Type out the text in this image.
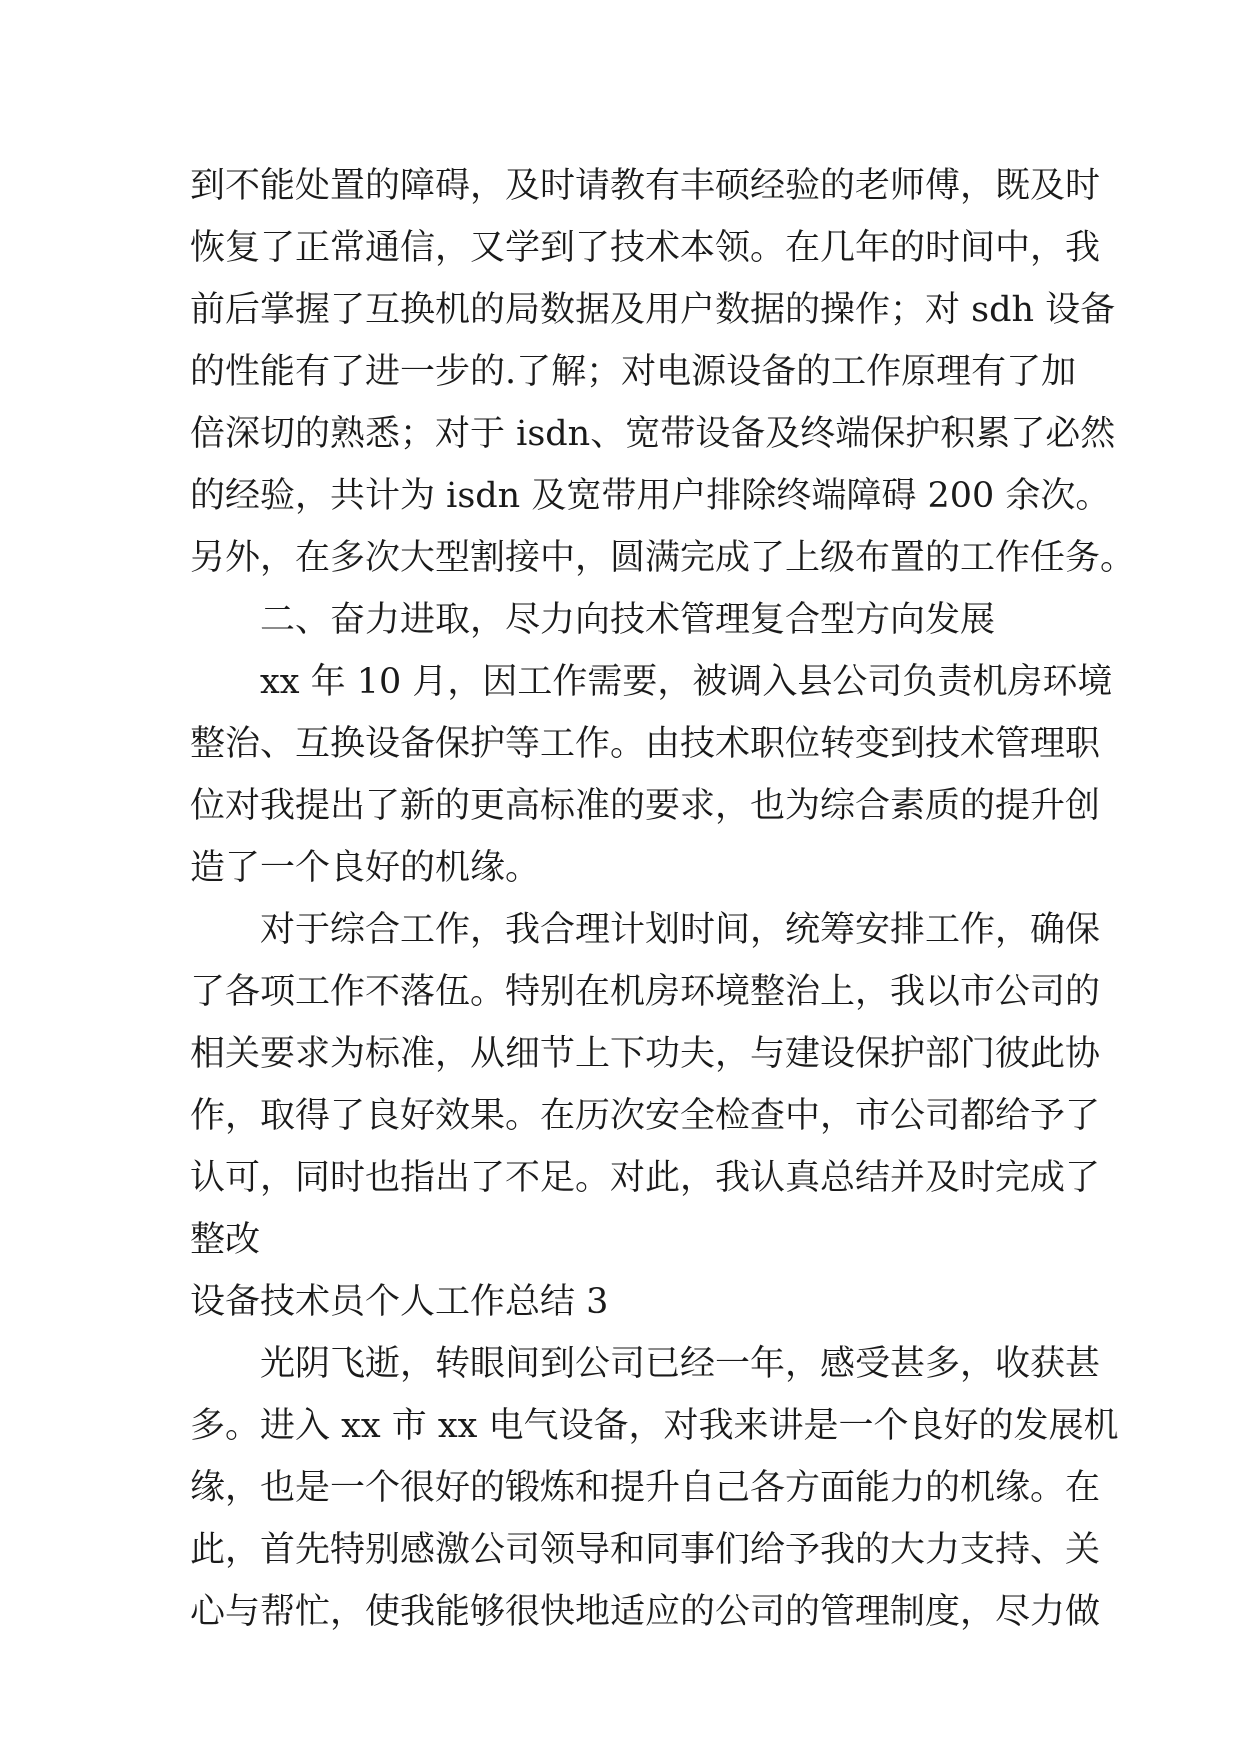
到不能处置的障碍，及时请教有丰硕经验的老师傅，既及时
恢复了正常通信，又学到了技术本领。在几年的时间中，我
前后掌握了互换机的局数据及用户数据的操作；对 sdh 设备
的性能有了进一步的.了解；对电源设备的工作原理有了加
倍深切的熟悉；对于 isdn、宽带设备及终端保护积累了必然
的经验，共计为 isdn 及宽带用户排除终端障碍 200 余次。
另外，在多次大型割接中，圆满完成了上级布置的工作任务。
二、奋力进取，尽力向技术管理复合型方向发展
xx 年 10 月，因工作需要，被调入县公司负责机房环境
整治、互换设备保护等工作。由技术职位转变到技术管理职
位对我提出了新的更高标准的要求，也为综合素质的提升创
造了一个良好的机缘。
对于综合工作，我合理计划时间，统筹安排工作，确保
了各项工作不落伍。特别在机房环境整治上，我以市公司的
相关要求为标准，从细节上下功夫，与建设保护部门彼此协
作，取得了良好效果。在历次安全检查中，市公司都给予了
认可，同时也指出了不足。对此，我认真总结并及时完成了
整改
设备技术员个人工作总结 3
光阴飞逝，转眼间到公司已经一年，感受甚多，收获甚
多。进入 xx 市 xx 电气设备，对我来讲是一个良好的发展机
缘，也是一个很好的锻炼和提升自己各方面能力的机缘。在
此，首先特别感激公司领导和同事们给予我的大力支持、关
心与帮忙，使我能够很快地适应的公司的管理制度，尽力做
